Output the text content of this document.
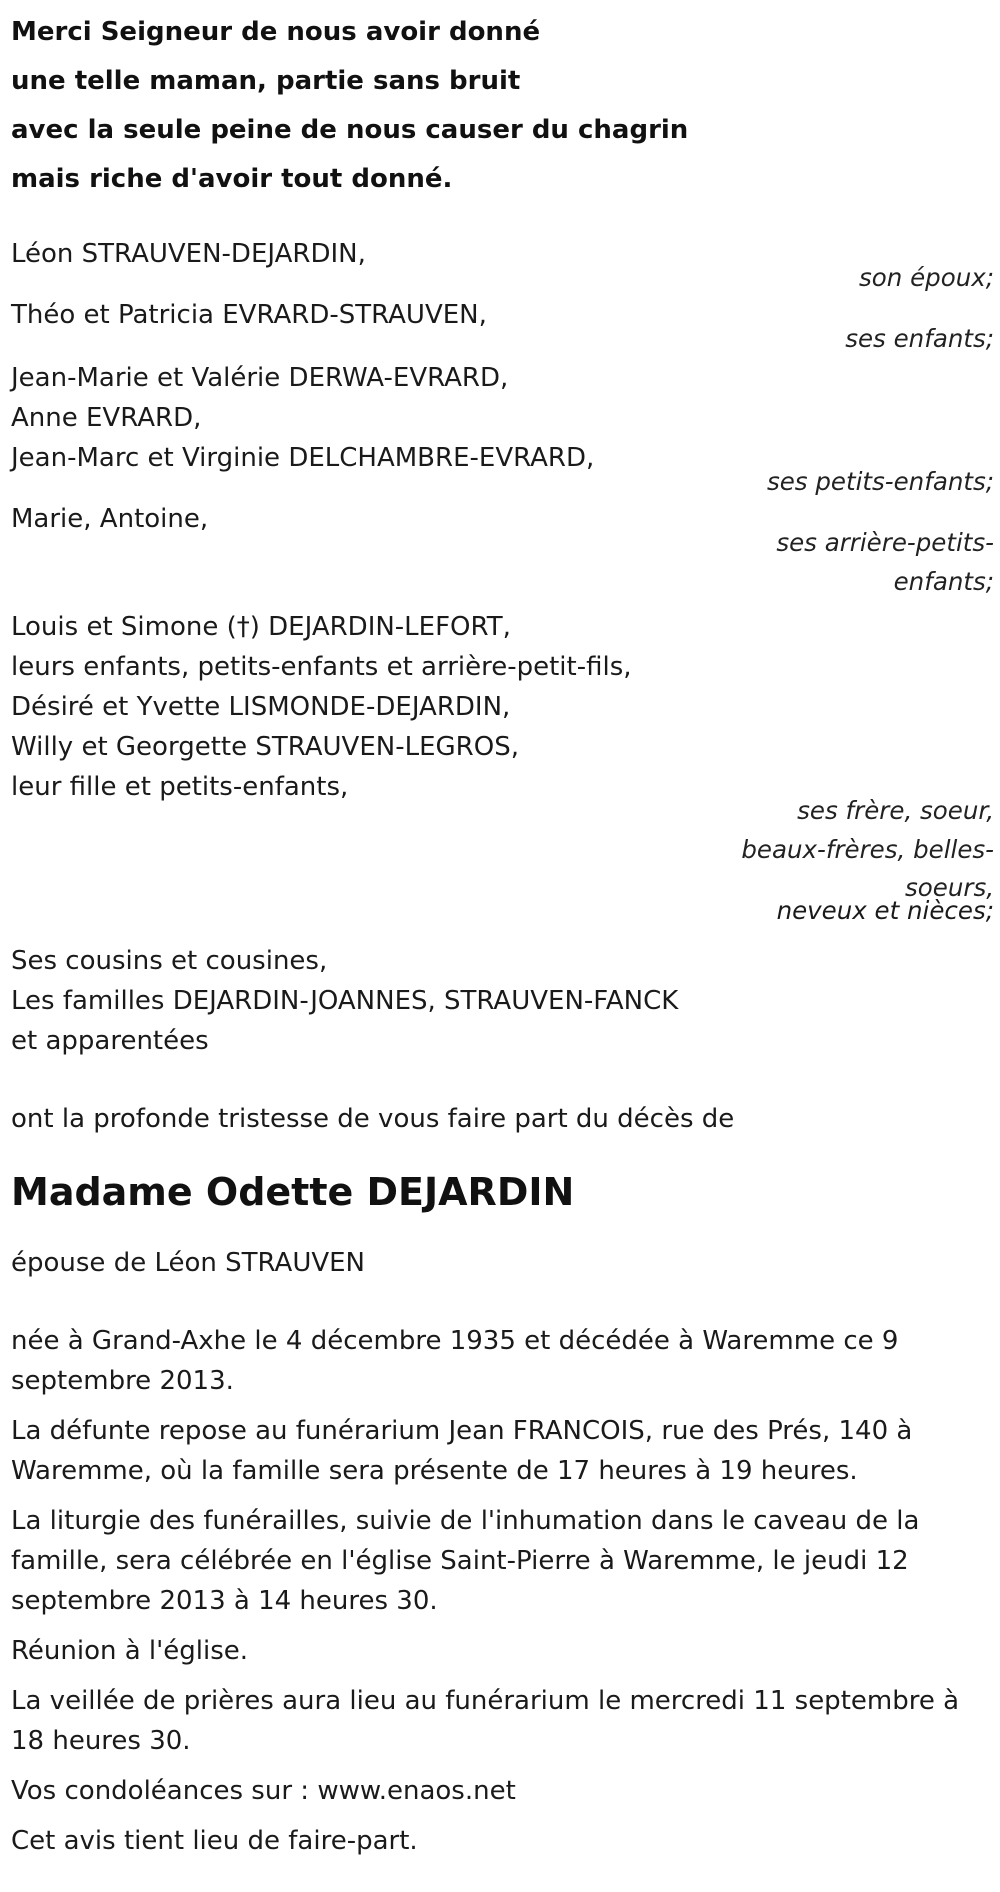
Merci Seigneur de nous avoir donné
une telle maman, partie sans bruit
avec la seule peine de nous causer du chagrin
mais riche d'avoir tout donné.
Léon STRAUVEN-DEJARDIN,
son époux;
Théo et Patricia EVRARD-STRAUVEN,
ses enfants;
Jean-Marie et Valérie DERWA-EVRARD,
Anne EVRARD,
Jean-Marc et Virginie DELCHAMBRE-EVRARD,
ses petits-enfants;
Marie, Antoine,
ses arrière-petits-
enfants;
Louis et Simone (†) DEJARDIN-LEFORT,
leurs enfants, petits-enfants et arrière-petit-fils,
Désiré et Yvette LISMONDE-DEJARDIN,
Willy et Georgette STRAUVEN-LEGROS,
leur fille et petits-enfants,
ses frère, soeur,
beaux-frères, belles-
soeurs,
neveux et nièces;
Ses cousins et cousines,
Les familles DEJARDIN-JOANNES, STRAUVEN-FANCK
et apparentées
ont la profonde tristesse de vous faire part du décès de
Madame Odette DEJARDIN
épouse de Léon STRAUVEN
née à Grand-Axhe le 4 décembre 1935 et décédée à Waremme ce 9 septembre 2013.
La défunte repose au funérarium Jean FRANCOIS, rue des Prés, 140 à Waremme, où la famille sera présente de 17 heures à 19 heures.
La liturgie des funérailles, suivie de l'inhumation dans le caveau de la famille, sera célébrée en l'église Saint-Pierre à Waremme, le jeudi 12 septembre 2013 à 14 heures 30.
Réunion à l'église.
La veillée de prières aura lieu au funérarium le mercredi 11 septembre à 18 heures 30.
Vos condoléances sur : www.enaos.net
Cet avis tient lieu de faire-part.
